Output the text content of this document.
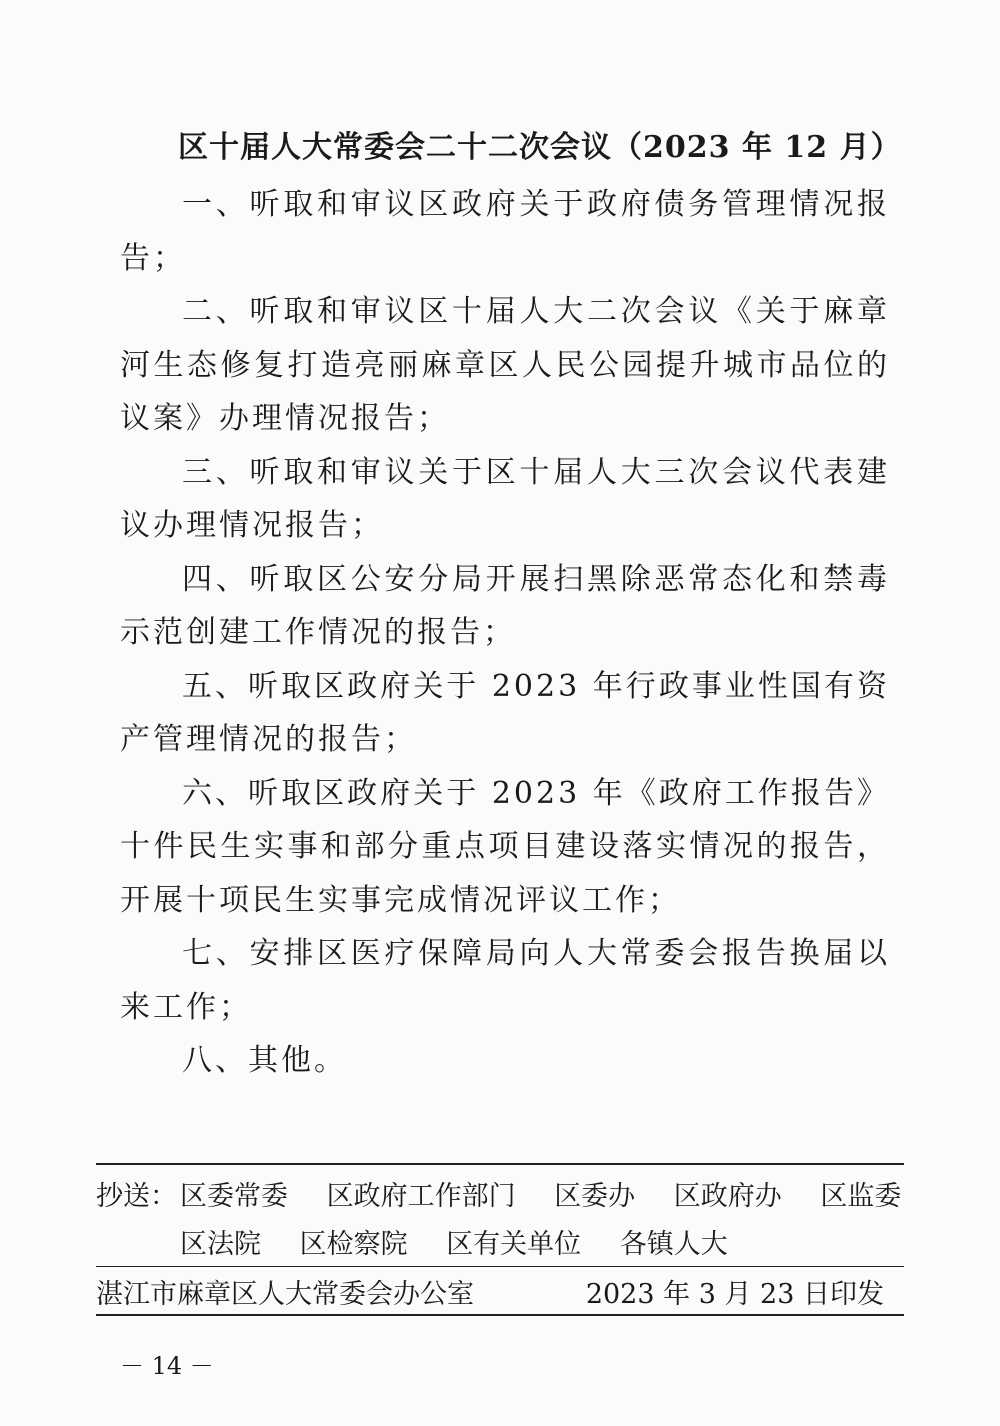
区十届人大常委会二十二次会议（2023 年 12 月）

一、听取和审议区政府关于政府债务管理情况报告；

二、听取和审议区十届人大二次会议《关于麻章河生态修复打造亮丽麻章区人民公园提升城市品位的议案》办理情况报告；

三、听取和审议关于区十届人大三次会议代表建议办理情况报告；

四、听取区公安分局开展扫黑除恶常态化和禁毒示范创建工作情况的报告；

五、听取区政府关于 2023 年行政事业性国有资产管理情况的报告；

六、听取区政府关于 2023 年《政府工作报告》十件民生实事和部分重点项目建设落实情况的报告，开展十项民生实事完成情况评议工作；

七、安排区医疗保障局向人大常委会报告换届以来工作；

八、其他。

抄送： 区委常委 区政府工作部门 区委办 区政府办 区监委
区法院 区检察院 区有关单位 各镇人大
湛江市麻章区人大常委会办公室	2023 年 3 月 23 日印发
－ 14 －
